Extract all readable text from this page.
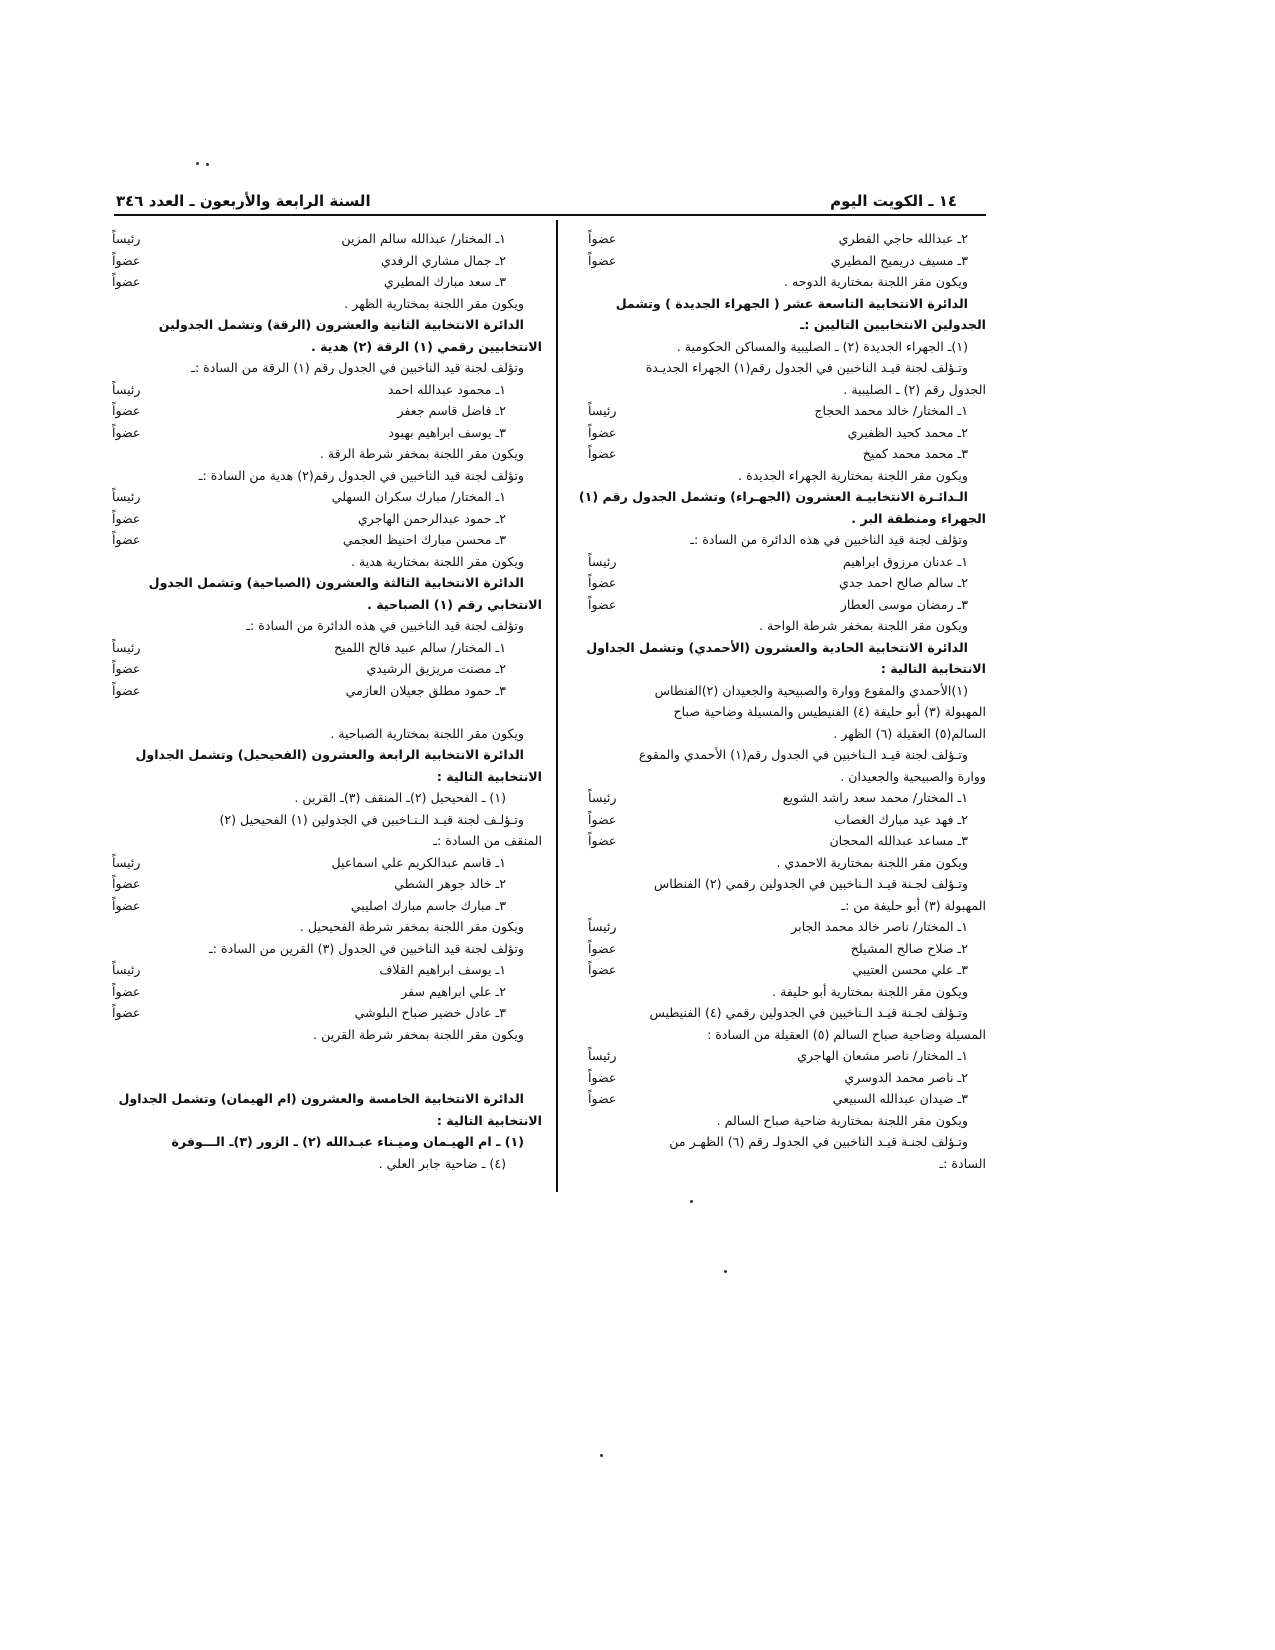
١٤ ـ الكويت اليوم
السنة الرابعة والأربعون ـ العدد ٣٤٦
٢ـ عبدالله حاجي القطري
عضواً
٣ـ مسيف دريميح المطيري
عضواً
ويكون مقر اللجنة بمختارية الدوحه .
الدائرة الانتخابية التاسعة عشر ( الجهراء الجديدة ) وتشمل
الجدولين الانتخابيين التاليين :ـ
(١)ـ الجهراء الجديدة (٢) ـ الصليبية والمساكن الحكومية .
وتـؤلف لجنة قيـد الناخبين في الجدول رقم(١) الجهراء الجديـدة
الجدول رقم (٢) ـ الصليبية .
١ـ المختار/ خالد محمد الحجاج
رئيساً
٢ـ محمد كحيد الظفيري
عضواً
٣ـ محمد محمد كميخ
عضواً
ويكون مقر اللجنة بمختارية الجهراء الجديدة .
الـدائـرة الانتخابيـة العشرون (الجهـراء) وتشمل الجدول رقم (١)
الجهراء ومنطقة البر .
وتؤلف لجنة قيد الناخبين في هذه الدائرة من السادة :ـ
١ـ عدنان مرزوق ابراهيم
رئيساً
٢ـ سالم صالح احمد جدي
عضواً
٣ـ رمضان موسى العطار
عضواً
ويكون مقر اللجنة بمخفر شرطة الواحة .
الدائرة الانتخابية الحادية والعشرون (الأحمدي) وتشمل الجداول
الانتخابية التالية :
(١)الأحمدي والمقوع ووارة والصبيحية والجعيدان (٢)الفنطاس
المهبولة (٣) أبو حليفة (٤) الفنيطيس والمسيلة وضاحية صباح
السالم(٥) العقيلة (٦) الظهر .
وتـؤلف لجنة قيـد الـناخبين في الجدول رقم(١) الأحمدي والمقوع
ووارة والصبيحية والجعيدان .
١ـ المختار/ محمد سعد راشد الشويع
رئيساً
٢ـ فهد عيد مبارك الغصاب
عضواً
٣ـ مساعد عبدالله المحجان
عضواً
ويكون مقر اللجنة بمختارية الاحمدي .
وتـؤلف لجـنة قيـد الـناخبين في الجدولين رقمي (٢) الفنطاس
المهبولة (٣) أبو حليفة من :ـ
١ـ المختار/ ناصر خالد محمد الجابر
رئيساً
٢ـ صلاح صالح المشيلح
عضواً
٣ـ علي محسن العتيبي
عضواً
ويكون مقر اللجنة بمختارية أبو حليفة .
وتـؤلف لجـنة قيـد الـناخبين في الجدولين رقمي (٤) الفنيطيس
المسيلة وضاحية صباح السالم (٥) العقيلة من السادة :
١ـ المختار/ ناصر مشعان الهاجري
رئيساً
٢ـ ناصر محمد الدوسري
عضواً
٣ـ ضيدان عبدالله السبيعي
عضواً
ويكون مقر اللجنة بمختارية ضاحية صباح السالم .
وتـؤلف لجنـة قيـد الناخبين في الجدولـ رقم (٦) الظهـر من
السادة :ـ
١ـ المختار/ عبدالله سالم المزين
رئيساً
٢ـ جمال مشاري الرفدي
عضواً
٣ـ سعد مبارك المطيري
عضواً
ويكون مقر اللجنة بمختارية الظهر .
الدائرة الانتخابية الثانية والعشرون (الرقة) وتشمل الجدولين
الانتخابيين رقمي (١) الرقة (٢) هدية .
وتؤلف لجنة قيد الناخبين في الجدول رقم (١) الرقة من السادة :ـ
١ـ محمود عبدالله احمد
رئيساً
٢ـ فاضل قاسم جعفر
عضواً
٣ـ يوسف ابراهيم بهبود
عضواً
ويكون مقر اللجنة بمخفر شرطة الرقة .
وتؤلف لجنة قيد الناخبين في الجدول رقم(٢) هدية من السادة :ـ
١ـ المختار/ مبارك سكران السهلي
رئيساً
٢ـ حمود عبدالرحمن الهاجري
عضواً
٣ـ محسن مبارك احنيظ العجمي
عضواً
ويكون مقر اللجنة بمختارية هدية .
الدائرة الانتخابية الثالثة والعشرون (الصباحية) وتشمل الجدول
الانتخابي رقم (١) الصباحية .
وتؤلف لجنة قيد الناخبين في هذه الدائرة من السادة :ـ
١ـ المختار/ سالم عبيد فالح اللميح
رئيساً
٢ـ مصنت مريزيق الرشيدي
عضواً
٣ـ حمود مطلق جعيلان العازمي
عضواً
ويكون مقر اللجنة بمختارية الصباحية .
الدائرة الانتخابية الرابعة والعشرون (الفحيحيل) وتشمل الجداول
الانتخابية التالية :
(١) ـ الفحيحيل (٢)ـ المنقف (٣)ـ القرين .
وتـؤلـف لجنة قيـد الـنـاخبين في الجدولين (١) الفحيحيل (٢)
المنقف من السادة :ـ
١ـ قاسم عبدالكريم علي اسماعيل
رئيساً
٢ـ خالد جوهر الشطي
عضواً
٣ـ مبارك جاسم مبارك اصليبي
عضواً
ويكون مقر اللجنة بمخفر شرطة الفحيحيل .
وتؤلف لجنة قيد الناخبين في الجدول (٣) القرين من السادة :ـ
١ـ يوسف ابراهيم القلاف
رئيساً
٢ـ علي ابراهيم سفر
عضواً
٣ـ عادل خضير صباح البلوشي
عضواً
ويكون مقر اللجنة بمخفر شرطة القرين .
الدائرة الانتخابية الخامسة والعشرون (ام الهيمان) وتشمل الجداول
الانتخابية التالية :
(١) ـ ام الهيـمان وميـناء عبـدالله (٢) ـ الزور (٣)ـ الـــوفرة
(٤) ـ ضاحية جابر العلي .
